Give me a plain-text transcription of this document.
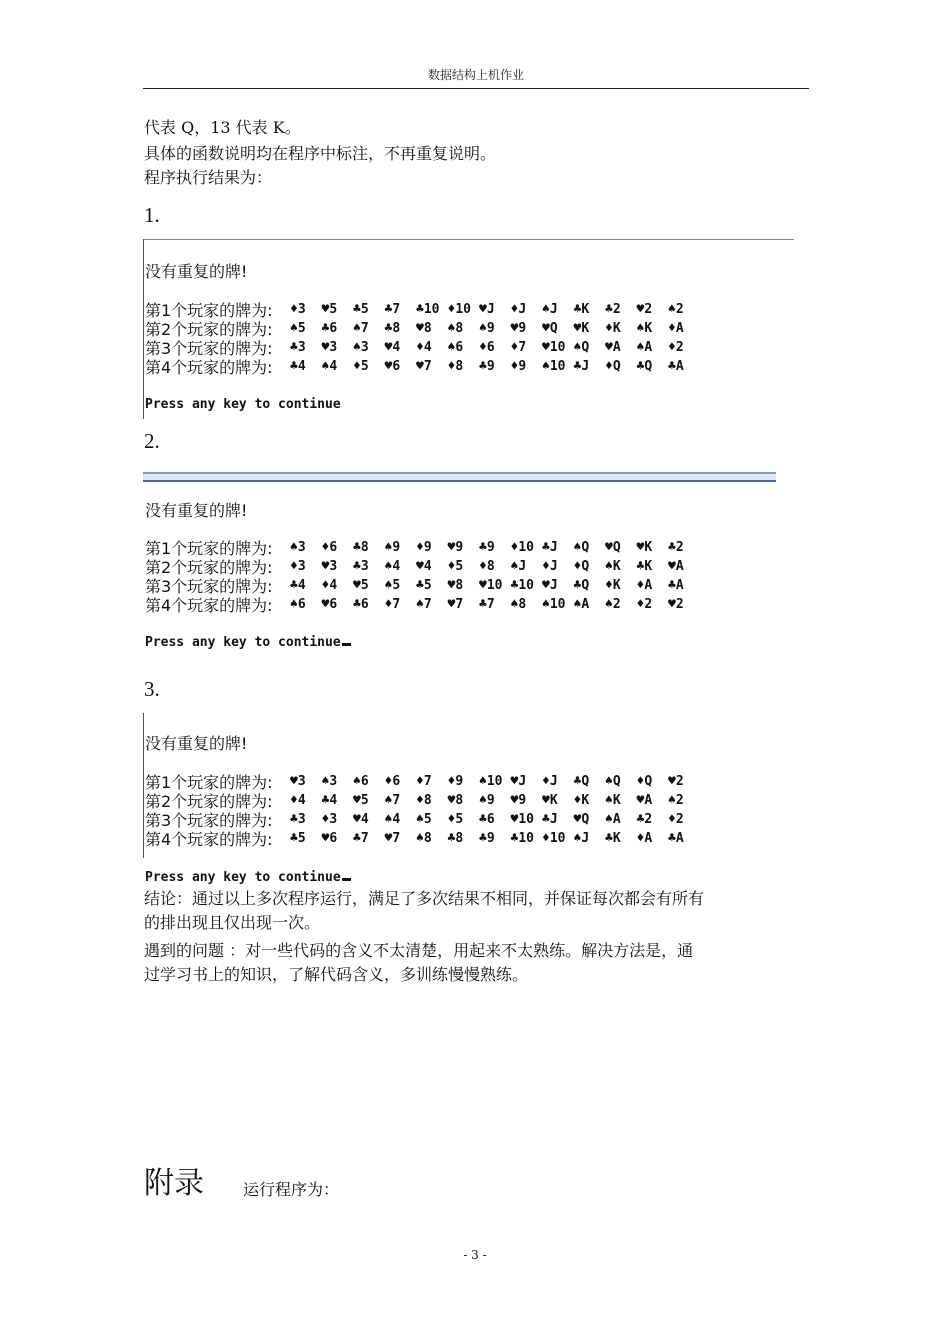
数据结构上机作业
代表 Q，13 代表 K。
具体的函数说明均在程序中标注，不再重复说明。
程序执行结果为：
1.
没有重复的牌!
第1个玩家的牌为:	♦3	♥5	♣5	♣7	♣10 ♦10 ♥J	♦J	♠J	♣K	♣2	♥2	♠2
第2个玩家的牌为:	♠5	♣6	♠7	♣8	♥8	♠8	♠9	♥9	♥Q	♥K	♦K	♠K	♦A
第3个玩家的牌为:	♣3	♥3	♠3	♥4	♦4	♠6	♦6	♦7	♥10 ♠Q	♥A	♠A	♦2
第4个玩家的牌为:	♣4	♠4	♦5	♥6	♥7	♦8	♣9	♦9	♠10 ♣J	♦Q	♣Q	♣A
Press any key to continue
2.
没有重复的牌!
第1个玩家的牌为:	♠3	♦6	♣8	♠9	♦9	♥9	♣9	♦10 ♣J	♠Q	♥Q	♥K	♣2
第2个玩家的牌为:	♦3	♥3	♣3	♠4	♥4	♦5	♦8	♠J	♦J	♦Q	♠K	♣K	♥A
第3个玩家的牌为:	♣4	♦4	♥5	♠5	♣5	♥8	♥10 ♣10 ♥J	♣Q	♦K	♦A	♣A
第4个玩家的牌为:	♠6	♥6	♣6	♦7	♠7	♥7	♣7	♠8	♠10 ♠A	♠2	♦2	♥2
Press any key to continue
3.
没有重复的牌!
第1个玩家的牌为:	♥3	♠3	♠6	♦6	♦7	♦9	♠10 ♥J	♦J	♣Q	♠Q	♦Q	♥2
第2个玩家的牌为:	♦4	♣4	♥5	♠7	♦8	♥8	♠9	♥9	♥K	♦K	♠K	♥A	♠2
第3个玩家的牌为:	♣3	♦3	♥4	♠4	♠5	♦5	♣6	♥10 ♣J	♥Q	♠A	♣2	♦2
第4个玩家的牌为:	♣5	♥6	♣7	♥7	♠8	♣8	♣9	♣10 ♦10 ♠J	♣K	♦A	♣A
Press any key to continue
结论：通过以上多次程序运行，满足了多次结果不相同，并保证每次都会有所有
的排出现且仅出现一次。
遇到的问题 ：对一些代码的含义不太清楚，用起来不太熟练。解决方法是，通
过学习书上的知识，了解代码含义，多训练慢慢熟练。
附录 运行程序为：
- 3 -
